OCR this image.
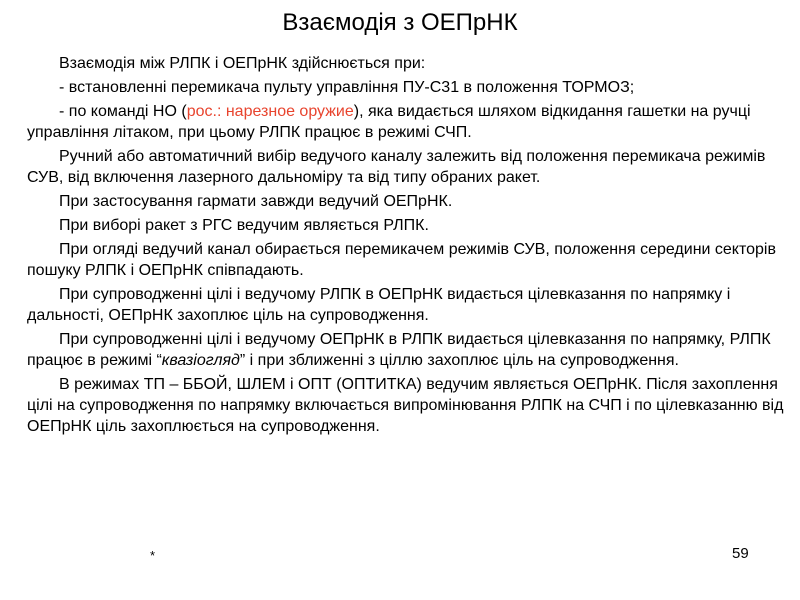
Взаємодія з ОЕПрНК

Взаємодія між РЛПК і ОЕПрНК здійснюється при:

- встановленні перемикача пульту управління ПУ-С31 в положення ТОРМОЗ;

- по команді НО (рос.: нарезное оружие), яка видається шляхом відкидання гашетки на ручці управління літаком, при цьому РЛПК працює в режимі СЧП.

Ручний або автоматичний вибір ведучого каналу залежить від положення перемикача режимів СУВ, від включення лазерного дальноміру та від типу обраних ракет.

При застосування гармати завжди ведучий ОЕПрНК.

При виборі ракет з РГС ведучим являється РЛПК.

При огляді ведучий канал обирається перемикачем режимів СУВ, положення середини секторів пошуку РЛПК і ОЕПрНК співпадають.

При супроводженні цілі і ведучому РЛПК в ОЕПрНК видається цілевказання по напрямку і дальності, ОЕПрНК захоплює ціль на супроводження.

При супроводженні цілі і ведучому ОЕПрНК в РЛПК видається цілевказання по напрямку, РЛПК працює в режимі “квазіогляд” і при зближенні з ціллю захоплює ціль на супроводження.

В режимах ТП – ББОЙ, ШЛЕМ і ОПТ (ОПТИТКА) ведучим являється ОЕПрНК. Після захоплення цілі на супроводження по напрямку включається випромінювання РЛПК на СЧП і по цілевказанню від ОЕПрНК ціль захоплюється на супроводження.

*	59
